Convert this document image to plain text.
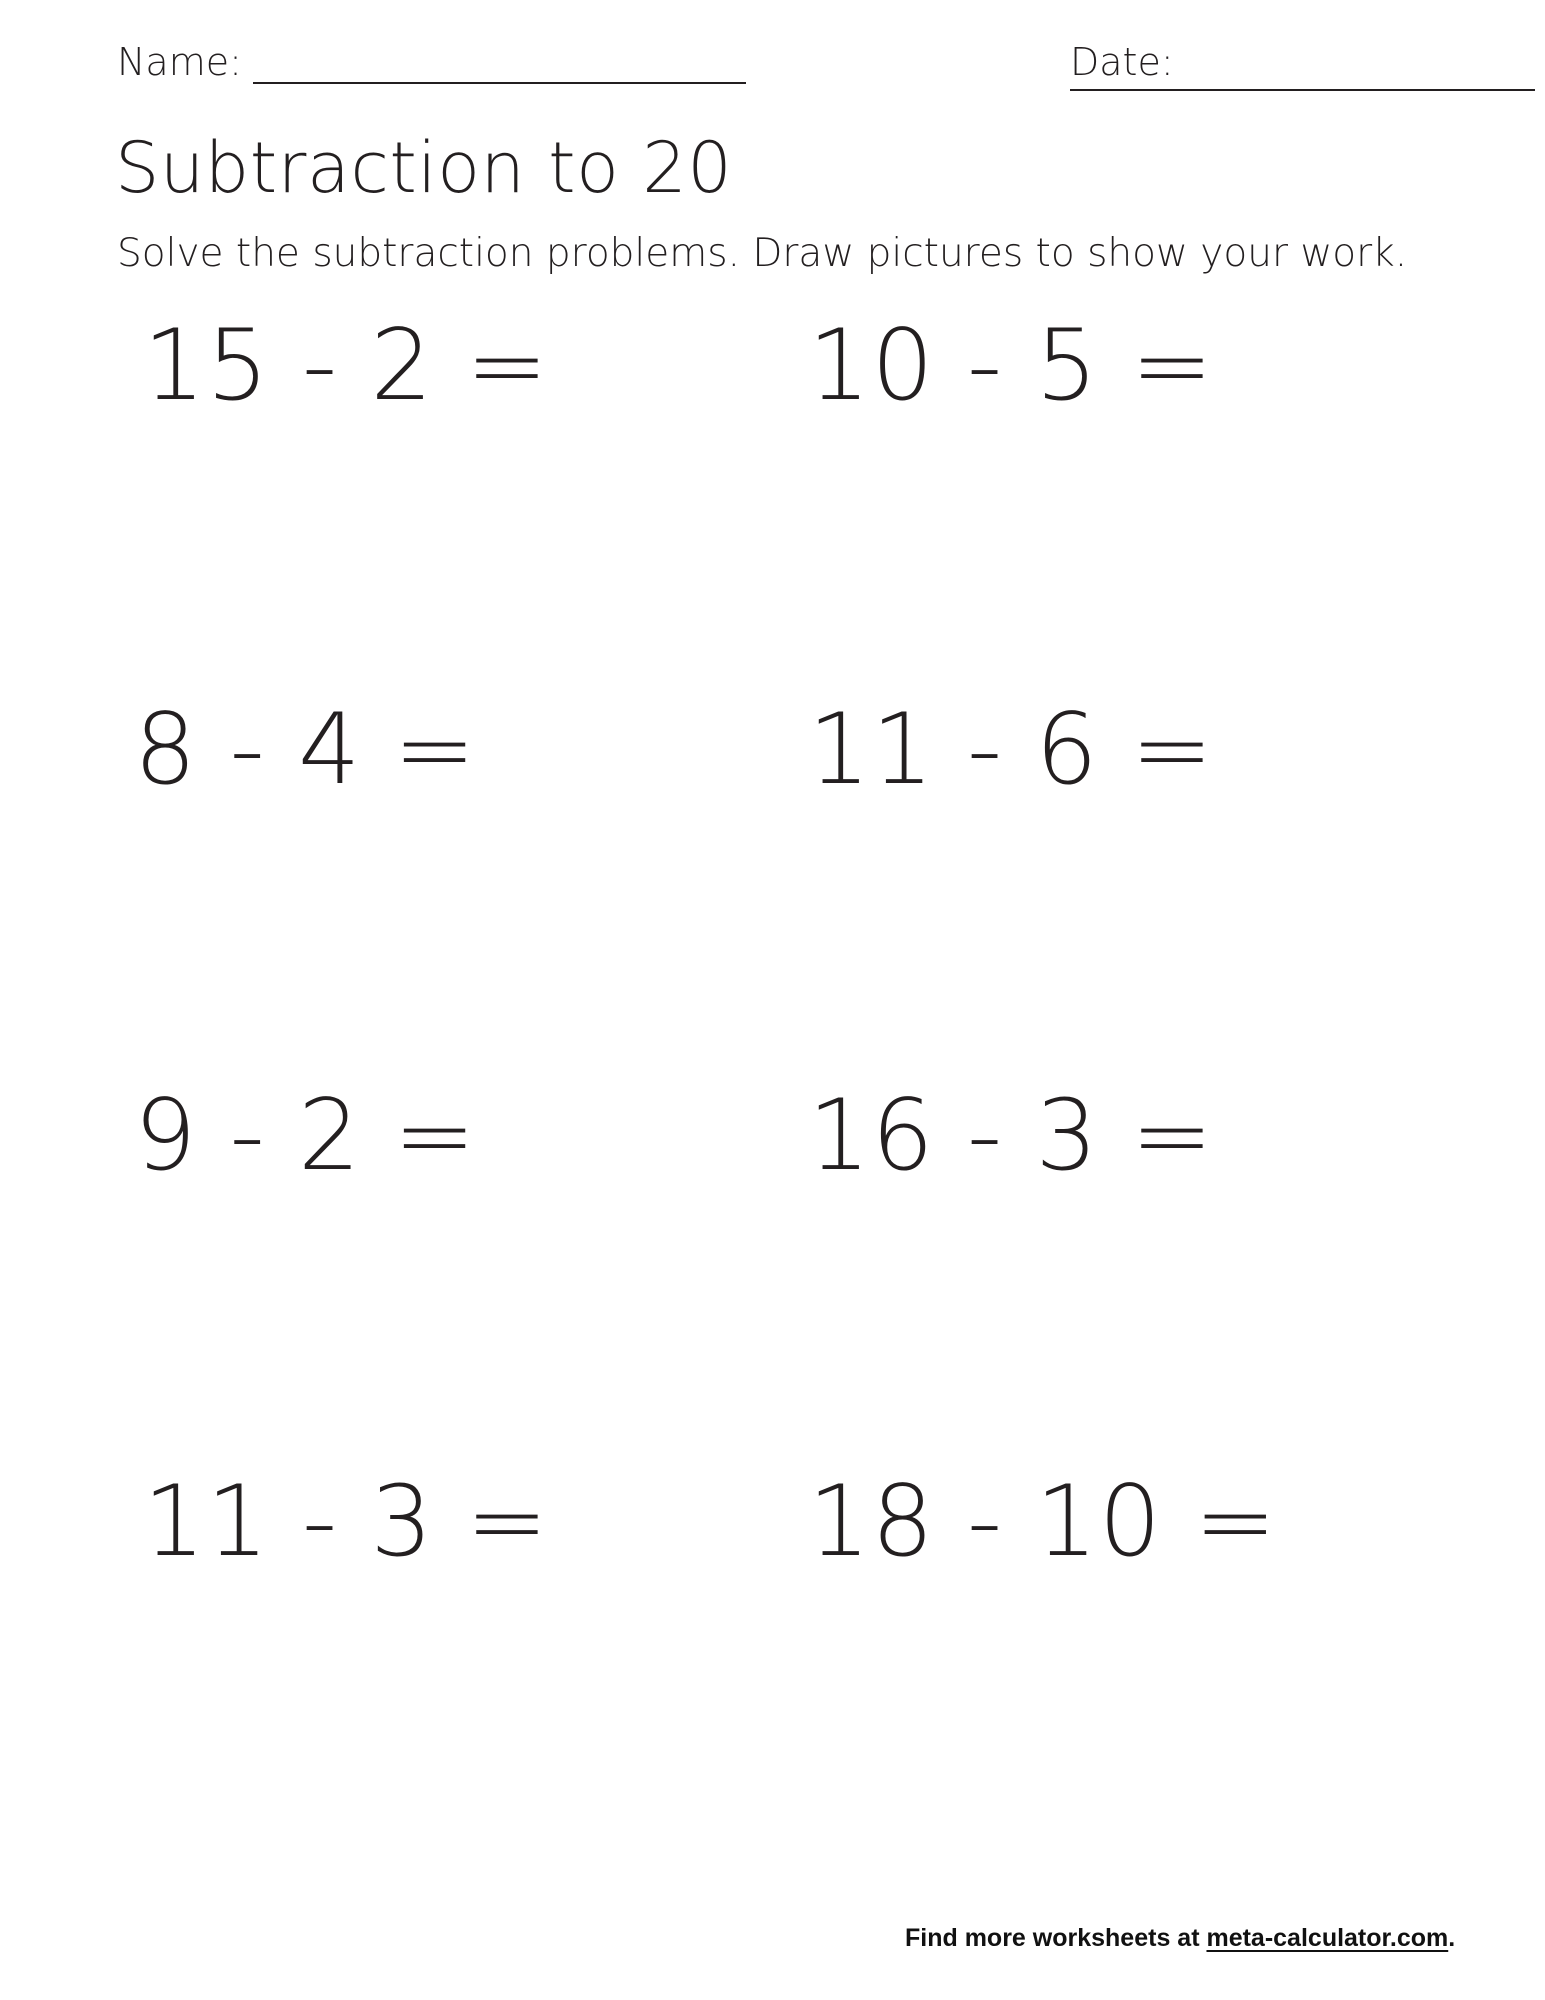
Name:	Date:
Subtraction to 20
Solve the subtraction problems. Draw pictures to show your work.
15 - 2 =	10 - 5 =
8 - 4 =	11 - 6 =
9 - 2 =	16 - 3 =
11 - 3 =	18 - 10 =
Find more worksheets at meta-calculator.com.
